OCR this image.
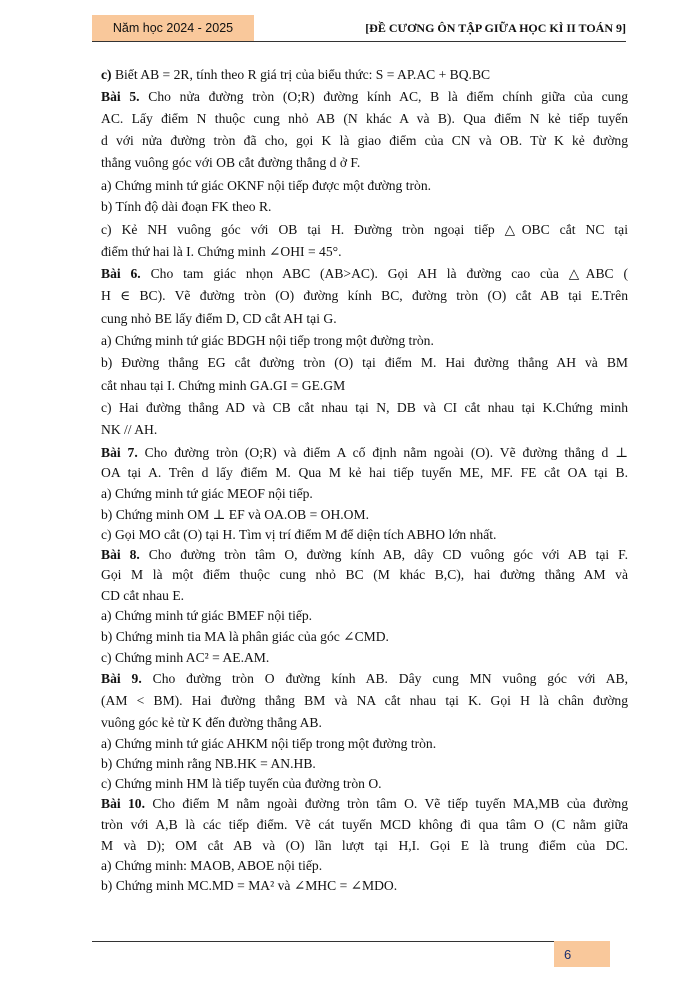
Năm học 2024 - 2025	[ĐỀ CƯƠNG ÔN TẬP GIỮA HỌC KÌ II TOÁN 9]
c) Biết AB = 2R, tính theo R giá trị của biểu thức: S = AP.AC + BQ.BC
Bài 5. Cho nửa đường tròn (O;R) đường kính AC, B là điểm chính giữa của cung
AC. Lấy điểm N thuộc cung nhỏ AB (N khác A và B). Qua điểm N kẻ tiếp tuyến
d với nửa đường tròn đã cho, gọi K là giao điểm của CN và OB. Từ K kẻ đường
thẳng vuông góc với OB cắt đường thẳng d ở F.
a) Chứng minh tứ giác OKNF nội tiếp được một đường tròn.
b) Tính độ dài đoạn FK theo R.
c) Kẻ NH vuông góc với OB tại H. Đường tròn ngoại tiếp △OBC cắt NC tại
điểm thứ hai là I. Chứng minh ∠OHI = 45°.
Bài 6. Cho tam giác nhọn ABC (AB>AC). Gọi AH là đường cao của △ABC (
H ∈ BC). Vẽ đường tròn (O) đường kính BC, đường tròn (O) cắt AB tại E.Trên
cung nhỏ BE lấy điểm D, CD cắt AH tại G.
a) Chứng minh tứ giác BDGH nội tiếp trong một đường tròn.
b) Đường thẳng EG cắt đường tròn (O) tại điểm M. Hai đường thẳng AH và BM
cắt nhau tại I. Chứng minh GA.GI = GE.GM
c) Hai đường thẳng AD và CB cắt nhau tại N, DB và CI cắt nhau tại K.Chứng minh
NK // AH.
Bài 7. Cho đường tròn (O;R) và điểm A cố định nằm ngoài (O). Vẽ đường thẳng d ⊥
OA tại A. Trên d lấy điểm M. Qua M kẻ hai tiếp tuyến ME, MF. FE cắt OA tại B.
a) Chứng minh tứ giác MEOF nội tiếp.
b) Chứng minh OM ⊥ EF và OA.OB = OH.OM.
c) Gọi MO cắt (O) tại H. Tìm vị trí điểm M để diện tích ABHO lớn nhất.
Bài 8. Cho đường tròn tâm O, đường kính AB, dây CD vuông góc với AB tại F.
Gọi M là một điểm thuộc cung nhỏ BC (M khác B,C), hai đường thẳng AM và
CD cắt nhau E.
a) Chứng minh tứ giác BMEF nội tiếp.
b) Chứng minh tia MA là phân giác của góc ∠CMD.
c) Chứng minh AC² = AE.AM.
Bài 9. Cho đường tròn O đường kính AB. Dây cung MN vuông góc với AB,
(AM < BM). Hai đường thẳng BM và NA cắt nhau tại K. Gọi H là chân đường
vuông góc kẻ từ K đến đường thẳng AB.
a) Chứng minh tứ giác AHKM nội tiếp trong một đường tròn.
b) Chứng minh rằng NB.HK = AN.HB.
c) Chứng minh HM là tiếp tuyến của đường tròn O.
Bài 10. Cho điểm M nằm ngoài đường tròn tâm O. Vẽ tiếp tuyến MA,MB của đường
tròn với A,B là các tiếp điểm. Vẽ cát tuyến MCD không đi qua tâm O (C nằm giữa
M và D); OM cắt AB và (O) lần lượt tại H,I. Gọi E là trung điểm của DC.
a) Chứng minh: MAOB, ABOE nội tiếp.
b) Chứng minh MC.MD = MA² và ∠MHC = ∠MDO.
6
